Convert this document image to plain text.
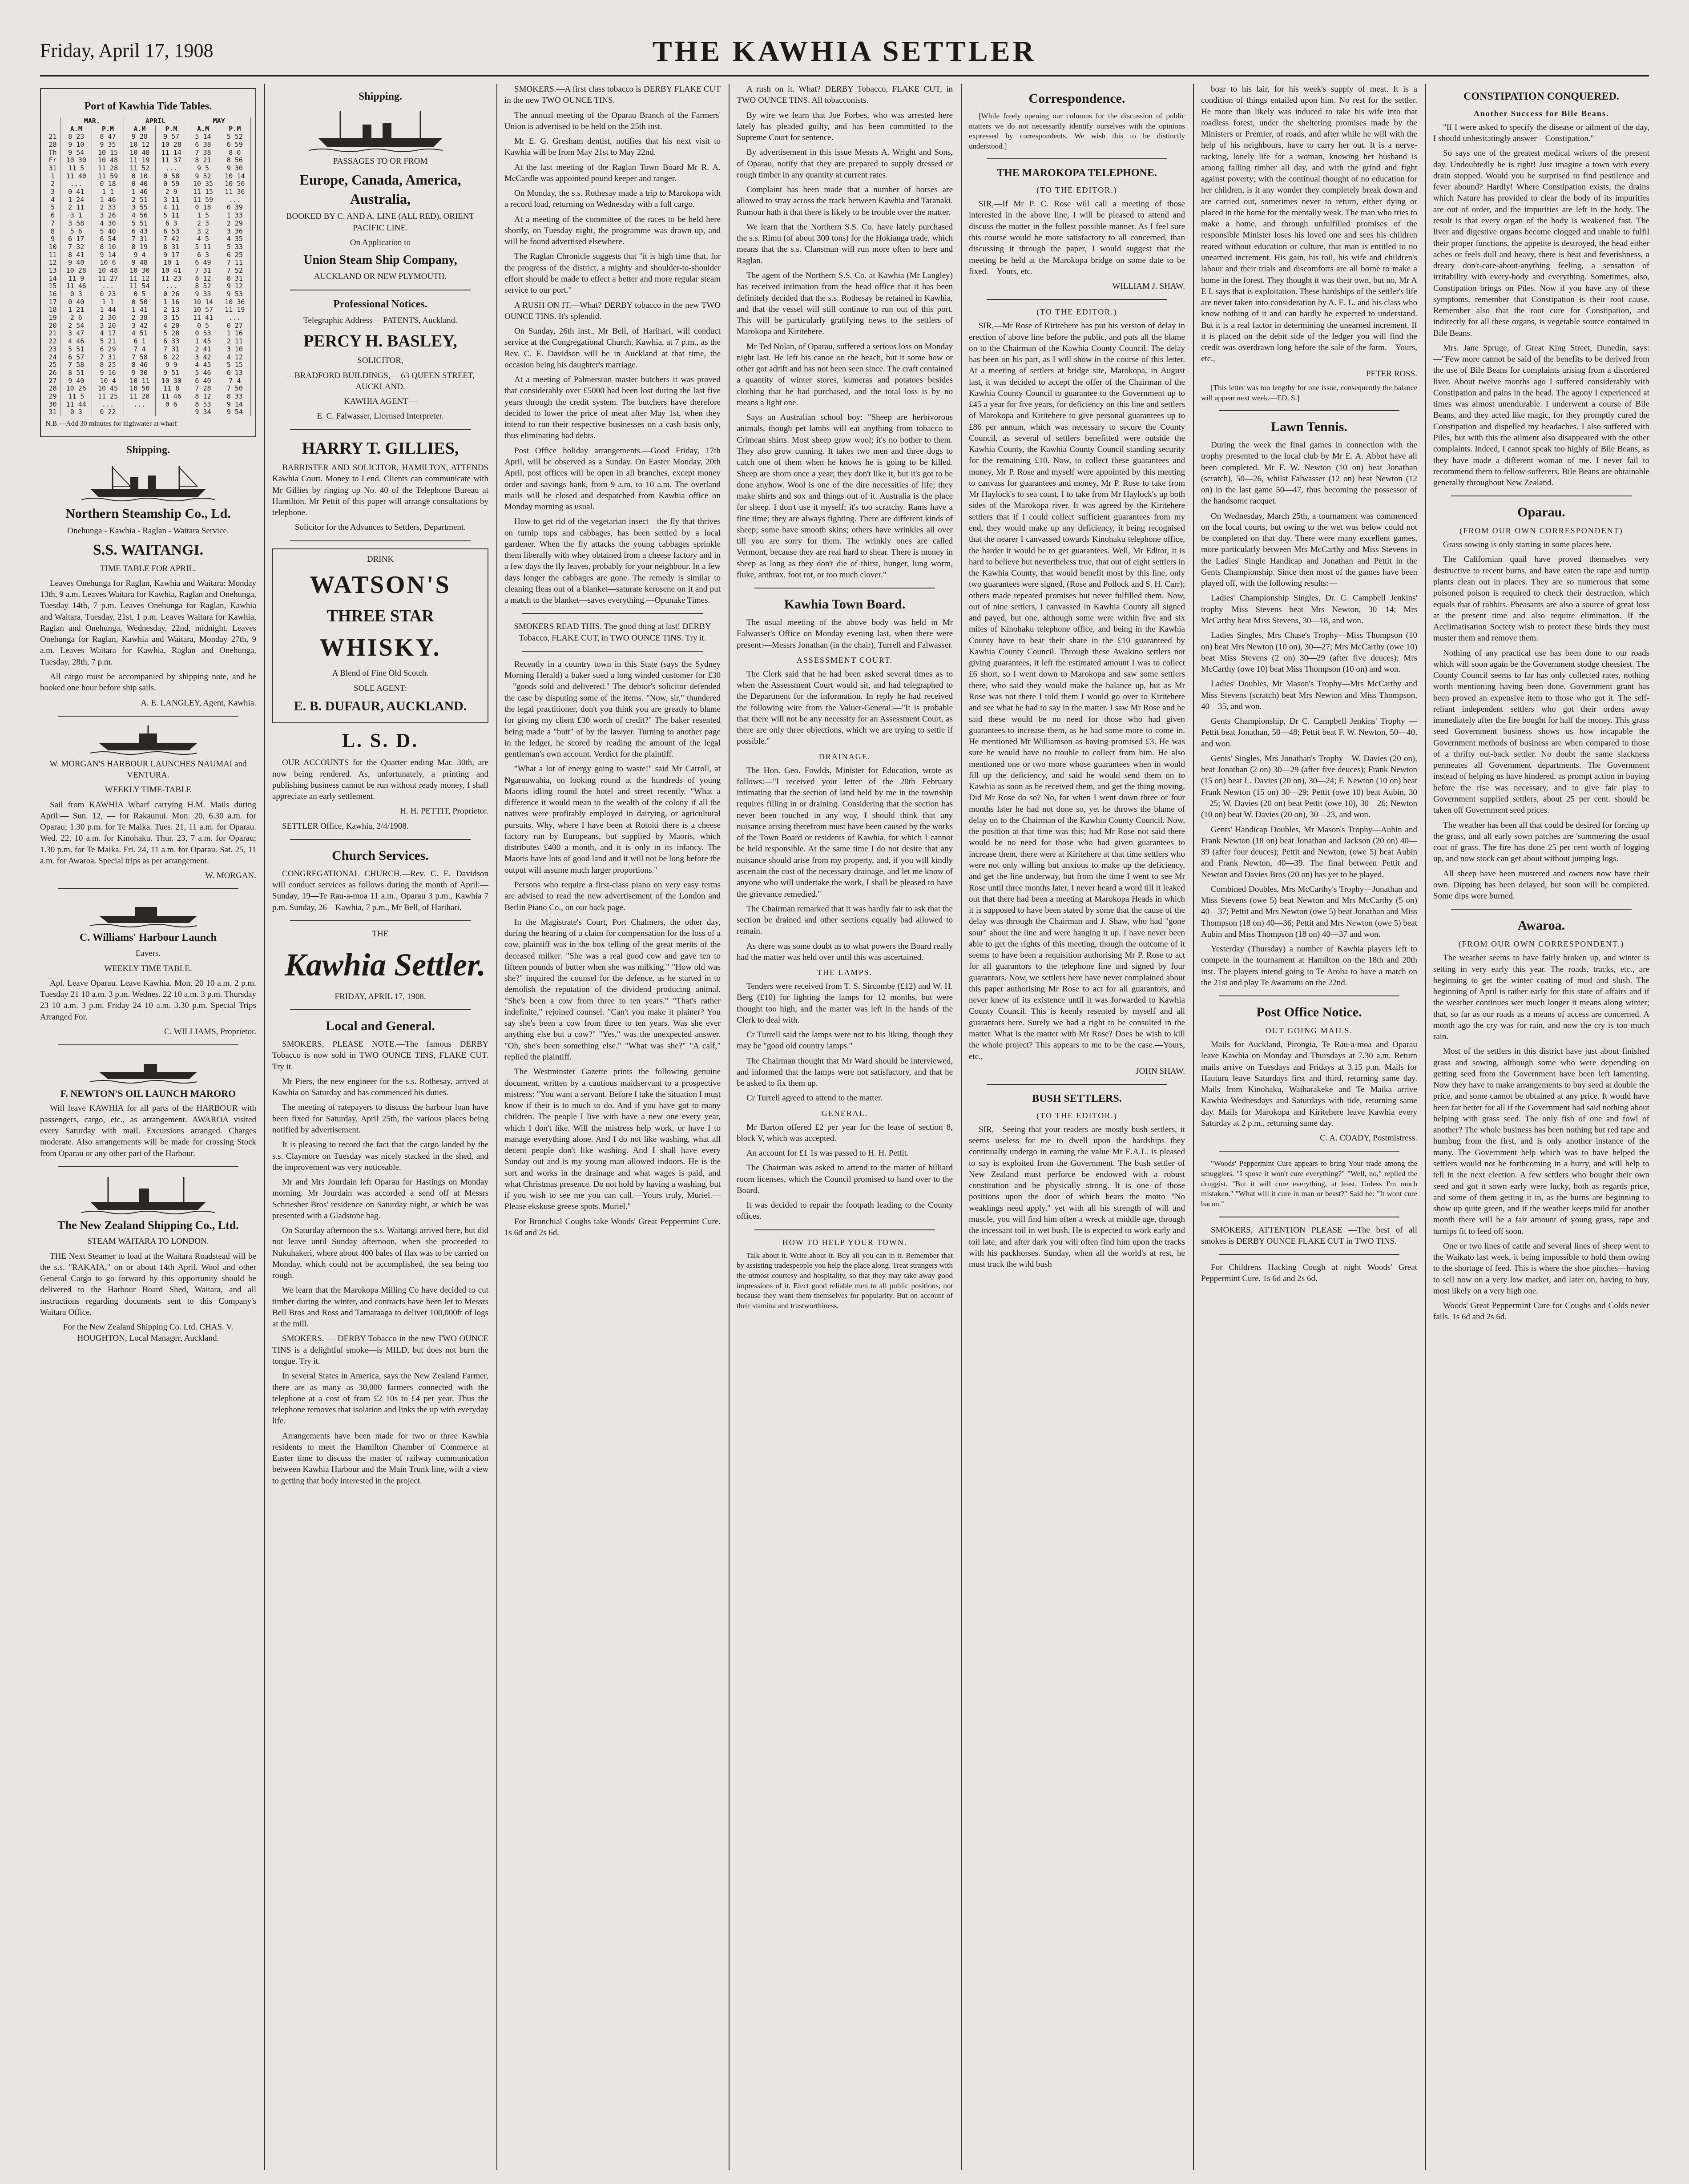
Friday, April 17, 1908	THE KAWHIA SETTLER
Port of Kawhia Tide Tables.
	MAR.		APRIL		MAY	
	A.M	P.M	A.M	P.M	A.M	P.M
21	8 23	8 47	9 28	9 57	5 14	5 52
28	9 10	9 35	10 12	10 28	6 38	6 59
Th	9 54	10 15	10 48	11 14	7 38	8 0
Fr	10 30	10 48	11 19	11 37	8 21	8 56
31	11 5	11 28	11 52	...	9 5	9 30
1	11 40	11 59	0 10	0 58	9 52	10 14
2	...	0 18	0 40	0 59	10 35	10 56
3	0 41	1 1	1 46	2 9	11 15	11 36
4	1 24	1 46	2 51	3 11	11 59	...
5	2 11	2 33	3 55	4 11	0 18	0 39
6	3 1	3 26	4 56	5 11	1 5	1 33
7	3 58	4 30	5 51	6 3	2 3	2 29
8	5 6	5 40	6 43	6 53	3 2	3 36
9	6 17	6 54	7 31	7 42	4 5	4 35
10	7 32	8 10	8 19	8 31	5 11	5 33
11	8 41	9 14	9 4	9 17	6 3	6 25
12	9 40	10 6	9 48	10 1	6 49	7 11
13	10 28	10 48	10 30	10 41	7 31	7 52
14	11 9	11 27	11 12	11 23	8 12	8 31
15	11 46	...	11 54	...	8 52	9 12
16	0 3	0 23	0 5	0 26	9 33	9 53
17	0 40	1 1	0 50	1 16	10 14	10 36
18	1 21	1 44	1 41	2 13	10 57	11 19
19	2 6	2 30	2 38	3 15	11 41	...
20	2 54	3 20	3 42	4 20	0 5	0 27
21	3 47	4 17	4 51	5 28	0 53	1 16
22	4 46	5 21	6 1	6 33	1 45	2 11
23	5 51	6 29	7 4	7 31	2 41	3 10
24	6 57	7 31	7 58	8 22	3 42	4 12
25	7 58	8 25	8 46	9 9	4 45	5 15
26	8 51	9 16	9 30	9 51	5 46	6 13
27	9 40	10 4	10 11	10 30	6 40	7 4
28	10 26	10 45	10 50	11 8	7 28	7 50
29	11 5	11 25	11 28	11 46	8 12	8 33
30	11 44	...	...	0 6	8 53	9 14
31	0 3	0 22			9 34	9 54

N.B.—Add 30 minutes for highwater at wharf

Shipping.

Northern Steamship Co., Ld.

Onehunga - Kawhia - Raglan - Waitara Service.

S.S. WAITANGI.

TIME TABLE FOR APRIL.

Leaves Onehunga for Raglan, Kawhia and Waitara: Monday 13th, 9 a.m. Leaves Waitara for Kawhia, Raglan and Onehunga, Tuesday 14th, 7 p.m. Leaves Onehunga for Raglan, Kawhia and Waitara, Tuesday, 21st, 1 p.m. Leaves Waitara for Kawhia, Raglan and Onehunga, Wednesday, 22nd, midnight. Leaves Onehunga for Raglan, Kawhia and Waitara, Monday 27th, 9 a.m. Leaves Waitara for Kawhia, Raglan and Onehunga, Tuesday, 28th, 7 p.m.

All cargo must be accompanied by shipping note, and be booked one hour before ship sails.

A. E. LANGLEY, Agent, Kawhia.

W. MORGAN'S HARBOUR LAUNCHES NAUMAI and VENTURA.

WEEKLY TIME-TABLE

Sail from KAWHIA Wharf carrying H.M. Mails during April:— Sun. 12, — for Rakaunui. Mon. 20, 6.30 a.m. for Oparau; 1.30 p.m. for Te Maika. Tues. 21, 11 a.m. for Oparau. Wed. 22, 10 a.m. for Kinohaku. Thur. 23, 7 a.m. for Oparau; 1.30 p.m. for Te Maika. Fri. 24, 11 a.m. for Oparau. Sat. 25, 11 a.m. for Awaroa. Special trips as per arrangement.

W. MORGAN.

C. Williams' Harbour Launch

Eavers.

WEEKLY TIME TABLE.

Apl. Leave Oparau. Leave Kawhia. Mon. 20 10 a.m. 2 p.m. Tuesday 21 10 a.m. 3 p.m. Wednes. 22 10 a.m. 3 p.m. Thursday 23 10 a.m. 3 p.m. Friday 24 10 a.m. 3.30 p.m. Special Trips Arranged For.

C. WILLIAMS, Proprietor.

F. NEWTON'S OIL LAUNCH MARORO

Will leave KAWHIA for all parts of the HARBOUR with passengers, cargo, etc., as arrangement. AWAROA visited every Saturday with mail. Excursions arranged. Charges moderate. Also arrangements will be made for crossing Stock from Oparau or any other part of the Harbour.

The New Zealand Shipping Co., Ltd.

STEAM WAITARA TO LONDON.

THE Next Steamer to load at the Waitara Roadstead will be the s.s. "RAKAIA," on or about 14th April. Wool and other General Cargo to go forward by this opportunity should be delivered to the Harbour Board Shed, Waitara, and all instructions regarding documents sent to this Company's Waitara Office.

For the New Zealand Shipping Co. Ltd. CHAS. V. HOUGHTON, Local Manager, Auckland.

Shipping.

PASSAGES TO OR FROM

Europe, Canada, America, Australia,

BOOKED BY C. AND A. LINE (ALL RED), ORIENT PACIFIC LINE.

On Application to

Union Steam Ship Company,

AUCKLAND OR NEW PLYMOUTH.

Professional Notices.

Telegraphic Address— PATENTS, Auckland.

PERCY H. BASLEY,

SOLICITOR,

—BRADFORD BUILDINGS,— 63 QUEEN STREET, AUCKLAND.

KAWHIA AGENT—

E. C. Falwasser, Licensed Interpreter.

HARRY T. GILLIES,

BARRISTER AND SOLICITOR, HAMILTON, ATTENDS Kawhia Court. Money to Lend. Clients can communicate with Mr Gillies by ringing up No. 40 of the Telephone Bureau at Hamilton. Mr Pettit of this paper will arrange consultations by telephone.

Solicitor for the Advances to Settlers, Department.

DRINK

WATSON'S

THREE STAR

WHISKY.

A Blend of Fine Old Scotch.

SOLE AGENT:

E. B. DUFAUR, AUCKLAND.

L. S. D.

OUR ACCOUNTS for the Quarter ending Mar. 30th, are now being rendered. As, unfortunately, a printing and publishing business cannot be run without ready money, I shall appreciate an early settlement.

H. H. PETTIT, Proprietor.

SETTLER Office, Kawhia, 2/4/1908.

Church Services.

CONGREGATIONAL CHURCH.—Rev. C. E. Davidson will conduct services as follows during the month of April:— Sunday, 19—Te Rau-a-moa 11 a.m., Oparau 3 p.m., Kawhia 7 p.m. Sunday, 26—Kawhia, 7 p.m., Mr Bell, of Harihari.

THE

Kawhia Settler.

FRIDAY, APRIL 17, 1908.

Local and General.

SMOKERS, PLEASE NOTE.—The famous DERBY Tobacco is now sold in TWO OUNCE TINS, FLAKE CUT. Try it.

Mr Piers, the new engineer for the s.s. Rothesay, arrived at Kawhia on Saturday and has commenced his duties.

The meeting of ratepayers to discuss the harbour loan have been fixed for Saturday, April 25th, the various places being notified by advertisement.

It is pleasing to record the fact that the cargo landed by the s.s. Claymore on Tuesday was nicely stacked in the shed, and the improvement was very noticeable.

Mr and Mrs Jourdain left Oparau for Hastings on Monday morning. Mr Jourdain was accorded a send off at Messrs Schriesber Bros' residence on Saturday night, at which he was presented with a Gladstone bag.

On Saturday afternoon the s.s. Waitangi arrived here, but did not leave until Sunday afternoon, when she proceeded to Nukuhakeri, where about 400 bales of flax was to be carried on Monday, which could not be accomplished, the sea being too rough.

We learn that the Marokopa Milling Co have decided to cut timber during the winter, and contracts have been let to Messrs Bell Bros and Ross and Tamaraaga to deliver 100,000ft of logs at the mill.

SMOKERS. — DERBY Tobacco in the new TWO OUNCE TINS is a delightful smoke—is MILD, but does not burn the tongue. Try it.

In several States in America, says the New Zealand Farmer, there are as many as 30,000 farmers connected with the telephone at a cost of from £2 10s to £4 per year. Thus the telephone removes that isolation and links the up with everyday life.

Arrangements have been made for two or three Kawhia residents to meet the Hamilton Chamber of Commerce at Easter time to discuss the matter of railway communication between Kawhia Harbour and the Main Trunk line, with a view to getting that body interested in the project.

SMOKERS.—A first class tobacco is DERBY FLAKE CUT in the new TWO OUNCE TINS.

The annual meeting of the Oparau Branch of the Farmers' Union is advertised to be held on the 25th inst.

Mr E. G. Gresham dentist, notifies that his next visit to Kawhia will be from May 21st to May 22nd.

At the last meeting of the Raglan Town Board Mr R. A. McCardle was appointed pound keeper and ranger.

On Monday, the s.s. Rothesay made a trip to Marokopa with a record load, returning on Wednesday with a full cargo.

At a meeting of the committee of the races to be held here shortly, on Tuesday night, the programme was drawn up, and will be found advertised elsewhere.

The Raglan Chronicle suggests that "it is high time that, for the progress of the district, a mighty and shoulder-to-shoulder effort should be made to effect a better and more regular steam service to our port."

A RUSH ON IT.—What? DERBY tobacco in the new TWO OUNCE TINS. It's splendid.

On Sunday, 26th inst., Mr Bell, of Harihari, will conduct service at the Congregational Church, Kawhia, at 7 p.m., as the Rev. C. E. Davidson will be in Auckland at that time, the occasion being his daughter's marriage.

At a meeting of Palmerston master butchers it was proved that considerably over £5000 had been lost during the last five years through the credit system. The butchers have therefore decided to lower the price of meat after May 1st, when they intend to run their respective businesses on a cash basis only, thus eliminating bad debts.

Post Office holiday arrangements.—Good Friday, 17th April, will be observed as a Sunday. On Easter Monday, 20th April, post offices will be open in all branches, except money order and savings bank, from 9 a.m. to 10 a.m. The overland mails will be closed and despatched from Kawhia office on Monday morning as usual.

How to get rid of the vegetarian insect—the fly that thrives on turnip tops and cabbages, has been settled by a local gardener. When the fly attacks the young cabbages sprinkle them liberally with whey obtained from a cheese factory and in a few days the fly leaves, probably for your neighbour. In a few days longer the cabbages are gone. The remedy is similar to cleaning fleas out of a blanket—saturate kerosene on it and put a match to the blanket—saves everything.—Opunake Times.

SMOKERS READ THIS. The good thing at last! DERBY Tobacco, FLAKE CUT, in TWO OUNCE TINS. Try it.

Recently in a country town in this State (says the Sydney Morning Herald) a baker sued a long winded customer for £30—"goods sold and delivered." The debtor's solicitor defended the case by disputing some of the items. "Now, sir," thundered the legal practitioner, don't you think you are greatly to blame for giving my client £30 worth of credit?" The baker resented being made a "butt" of by the lawyer. Turning to another page in the ledger, he scored by reading the amount of the legal gentleman's own account. Verdict for the plaintiff.

"What a lot of energy going to waste!" said Mr Carroll, at Ngaruawahia, on looking round at the hundreds of young Maoris idling round the hotel and street recently. "What a difference it would mean to the wealth of the colony if all the natives were profitably employed in dairying, or agricultural pursuits. Why, where I have been at Rotoiti there is a cheese factory run by Europeans, but supplied by Maoris, which distributes £400 a month, and it is only in its infancy. The Maoris have lots of good land and it will not be long before the output will assume much larger proportions."

Persons who require a first-class piano on very easy terms are advised to read the new advertisement of the London and Berlin Piano Co., on our back page.

In the Magistrate's Court, Port Chalmers, the other day, during the hearing of a claim for compensation for the loss of a cow, plaintiff was in the box telling of the great merits of the deceased milker. "She was a real good cow and gave ten to fifteen pounds of butter when she was milking." "How old was she?" inquired the counsel for the defence, as he started in to demolish the reputation of the dividend producing animal. "She's been a cow from three to ten years." "That's rather indefinite," rejoined counsel. "Can't you make it plainer? You say she's been a cow from three to ten years. Was she ever anything else but a cow?" "Yes," was the unexpected answer. "Oh, she's been something else." "What was she?" "A calf," replied the plaintiff.

The Westminster Gazette prints the following genuine document, written by a cautious maidservant to a prospective mistress: "You want a servant. Before I take the situation I must know if their is to much to do. And if you have got to many children. The people I live with have a new one every year, which I don't like. Will the mistress help work, or have I to manage everything alone. And I do not like washing, what all decent people don't like washing. And I shall have every Sunday out and is my young man allowed indoors. He is the sort and works in the drainage and what wages is paid, and what Christmas presence. Do not hold by having a washing, but if you wish to see me you can call.—Yours truly, Muriel.—Please ekskuse greese spots. Muriel."

For Bronchial Coughs take Woods' Great Peppermint Cure. 1s 6d and 2s 6d.

A rush on it. What? DERBY Tobacco, FLAKE CUT, in TWO OUNCE TINS. All tobacconists.

By wire we learn that Joe Forbes, who was arrested here lately has pleaded guilty, and has been committed to the Supreme Court for sentence.

By advertisement in this issue Messrs A. Wright and Sons, of Oparau, notify that they are prepared to supply dressed or rough timber in any quantity at current rates.

Complaint has been made that a number of horses are allowed to stray across the track between Kawhia and Taranaki. Rumour hath it that there is likely to be trouble over the matter.

We learn that the Northern S.S. Co. have lately purchased the s.s. Rimu (of about 300 tons) for the Hokianga trade, which means that the s.s. Clansman will run more often to here and Raglan.

The agent of the Northern S.S. Co. at Kawhia (Mr Langley) has received intimation from the head office that it has been definitely decided that the s.s. Rothesay be retained in Kawhia, and that the vessel will still continue to run out of this port. This will be particularly gratifying news to the settlers of Marokopa and Kiritehere.

Mr Ted Nolan, of Oparau, suffered a serious loss on Monday night last. He left his canoe on the beach, but it some how or other got adrift and has not been seen since. The craft contained a quantity of winter stores, kumeras and potatoes besides clothing that he had purchased, and the total loss is by no means a light one.

Says an Australian school boy: "Sheep are herbivorous animals, though pet lambs will eat anything from tobacco to Crimean shirts. Most sheep grow wool; it's no bother to them. They also grow cunning. It takes two men and three dogs to catch one of them when he knows he is going to be killed. Sheep are shorn once a year; they don't like it, but it's got to be done anyhow. Wool is one of the dire necessities of life; they make shirts and sox and things out of it. Australia is the place for sheep. I don't use it myself; it's too scratchy. Rams have a fine time; they are always fighting. There are different kinds of sheep; some have smooth skins; others have wrinkles all over till you are sorry for them. The wrinkly ones are called Vermont, because they are real hard to shear. There is money in sheep as long as they don't die of thirst, hunger, lung worm, fluke, anthrax, foot rot, or too much clover."

Kawhia Town Board.

The usual meeting of the above body was held in Mr Falwasser's Office on Monday evening last, when there were present:—Messrs Jonathan (in the chair), Turrell and Falwasser.

ASSESSMENT COURT.

The Clerk said that he had been asked several times as to when the Assessment Court would sit, and had telegraphed to the Department for the information. In reply he had received the following wire from the Valuer-General:—"It is probable that there will not be any necessity for an Assessment Court, as there are only three objections, which we are trying to settle if possible."

DRAINAGE.

The Hon. Geo. Fowlds, Minister for Education, wrote as follows:—"I received your letter of the 20th February intimating that the section of land held by me in the township requires filling in or draining. Considering that the section has never been touched in any way, I should think that any nuisance arising therefrom must have been caused by the works of the Town Board or residents of Kawhia, for which I cannot be held responsible. At the same time I do not desire that any nuisance should arise from my property, and, if you will kindly ascertain the cost of the necessary drainage, and let me know of anyone who will undertake the work, I shall be pleased to have the grievance remedied."

The Chairman remarked that it was hardly fair to ask that the section be drained and other sections equally bad allowed to remain.

As there was some doubt as to what powers the Board really had the matter was held over until this was ascertained.

THE LAMPS.

Tenders were received from T. S. Sircombe (£12) and W. H. Berg (£10) for lighting the lamps for 12 months, but were thought too high, and the matter was left in the hands of the Clerk to deal with.

Cr Turrell said the lamps were not to his liking, though they may be "good old country lamps."

The Chairman thought that Mr Ward should be interviewed, and informed that the lamps were not satisfactory, and that he be asked to fix them up.

Cr Turrell agreed to attend to the matter.

GENERAL.

Mr Barton offered £2 per year for the lease of section 8, block V, which was accepted.

An account for £1 1s was passed to H. H. Pettit.

The Chairman was asked to attend to the matter of billiard room licenses, which the Council promised to hand over to the Board.

It was decided to repair the footpath leading to the County offices.

HOW TO HELP YOUR TOWN.

Talk about it. Write about it. Buy all you can in it. Remember that by assisting tradespeople you help the place along. Treat strangers with the utmost courtesy and hospitality, so that they may take away good impressions of it. Elect good reliable men to all public positions, not because they want them themselves for popularity. But on account of their stamina and trustworthiness.

Correspondence.

[While freely opening our columns for the discussion of public matters we do not necessarily identify ourselves with the opinions expressed by correspondents. We wish this to be distinctly understood.]

THE MAROKOPA TELEPHONE.
(TO THE EDITOR.)

SIR,—If Mr P. C. Rose will call a meeting of those interested in the above line, I will be pleased to attend and discuss the matter in the fullest possible manner. As I feel sure this course would be more satisfactory to all concerned, than discussing it through the paper, I would suggest that the meeting be held at the Marokopa bridge on some date to be fixed.—Yours, etc.

WILLIAM J. SHAW.

(TO THE EDITOR.)

SIR,—Mr Rose of Kiritehere has put his version of delay in erection of above line before the public, and puts all the blame on to the Chairman of the Kawhia County Council. The delay has been on his part, as I will show in the course of this letter. At a meeting of settlers at bridge site, Marokopa, in August last, it was decided to accept the offer of the Chairman of the Kawhia County Council to guarantee to the Government up to £45 a year for five years, for deficiency on this line and settlers of Marokopa and Kiritehere to give personal guarantees up to £86 per annum, which was necessary to secure the County Council, as several of settlers benefitted were outside the Kawhia County, the Kawhia County Council standing security for the remaining £10. Now, to collect these guarantees and money, Mr P. Rose and myself were appointed by this meeting to canvass for guarantees and money, Mr P. Rose to take from Mr Haylock's to sea coast, I to take from Mr Haylock's up both sides of the Marokopa river. It was agreed by the Kiritehere settlers that if I could collect sufficient guarantees from my end, they would make up any deficiency, it being recognised that the nearer I canvassed towards Kinohaku telephone office, the harder it would be to get guarantees. Well, Mr Editor, it is hard to believe but nevertheless true, that out of eight settlers in the Kawhia County, that would benefit most by this line, only two guarantees were signed, (Rose and Pollock and S. H. Carr); others made repeated promises but never fulfilled them. Now, out of nine settlers, I canvassed in Kawhia County all signed and payed, but one, although some were within five and six miles of Kinohaku telephone office, and being in the Kawhia County have to bear their share in the £10 guaranteed by Kawhia County Council. Through these Awakino settlers not giving guarantees, it left the estimated amount I was to collect £6 short, so I went down to Marokopa and saw some settlers there, who said they would make the balance up, but as Mr Rose was not there I told them I would go over to Kiritehere and see what he had to say in the matter. I saw Mr Rose and he said these would be no need for those who had given guarantees to increase them, as he had some more to come in. He mentioned Mr Williamson as having promised £3. He was sure he would have no trouble to collect from him. He also mentioned one or two more whose guarantees when in would fill up the deficiency, and said he would send them on to Kawhia as soon as he received them, and get the thing moving. Did Mr Rose do so? No, for when I went down three or four months later he had not done so, yet he throws the blame of delay on to the Chairman of the Kawhia County Council. Now, the position at that time was this; had Mr Rose not said there would be no need for those who had given guarantees to increase them, there were at Kiritehere at that time settlers who were not only willing but anxious to make up the deficiency, and get the line underway, but from the time I went to see Mr Rose until three months later, I never heard a word till it leaked out that there had been a meeting at Marokopa Heads in which it is supposed to have been stated by some that the cause of the delay was through the Chairman and J. Shaw, who had "gone sour" about the line and were hanging it up. I have never been able to get the rights of this meeting, though the outcome of it seems to have been a requisition authorising Mr P. Rose to act for all guarantors to the telephone line and signed by four guarantors. Now, we settlers here have never complained about this paper authorising Mr Rose to act for all guarantors, and never knew of its existence until it was forwarded to Kawhia County Council. This is keenly resented by myself and all guarantors here. Surely we had a right to be consulted in the matter. What is the matter with Mr Rose? Does he wish to kill the whole project? This appears to me to be the case.—Yours, etc.,

JOHN SHAW.

BUSH SETTLERS.
(TO THE EDITOR.)

SIR,—Seeing that your readers are mostly bush settlers, it seems useless for me to dwell upon the hardships they continually undergo in earning the value Mr E.A.L. is pleased to say is exploited from the Government. The bush settler of New Zealand must perforce be endowed with a robust constitution and be physically strong. It is one of those positions upon the door of which bears the motto "No weaklings need apply," yet with all his strength of will and muscle, you will find him often a wreck at middle age, through the incessant toil in wet bush. He is expected to work early and toil late, and after dark you will often find him upon the tracks with his packhorses. Sunday, when all the world's at rest, he must track the wild bush

boar to his lair, for his week's supply of meat. It is a condition of things entailed upon him. No rest for the settler. He more than likely was induced to take his wife into that roadless forest, under the sheltering promises made by the Ministers or Premier, of roads, and after while he will with the help of his neighbours, have to carry her out. It is a nerve-racking, lonely life for a woman, knowing her husband is among falling timber all day, and with the grind and fight against poverty; with the continual thought of no education for her children, is it any wonder they completely break down and are carried out, sometimes never to return, either dying or placed in the home for the mentally weak. The man who tries to make a home, and through unfulfilled promises of the responsible Minister loses his loved one and sees his children reared without education or culture, that man is entitled to no unearned increment. His gain, his toil, his wife and children's labour and their trials and discomforts are all borne to make a home in the forest. They thought it was their own, but no, Mr A E L says that is exploitation. These hardships of the settler's life are never taken into consideration by A. E. L. and his class who know nothing of it and can hardly be expected to understand. But it is a real factor in determining the unearned increment. If it is placed on the debit side of the ledger you will find the credit was overdrawn long before the sale of the farm.—Yours, etc.,

PETER ROSS.

[This letter was too lengthy for one issue, consequently the balance will appear next week.—ED. S.]

Lawn Tennis.

During the week the final games in connection with the trophy presented to the local club by Mr E. A. Abbot have all been completed. Mr F. W. Newton (10 on) beat Jonathan (scratch), 50—26, whilst Falwasser (12 on) beat Newton (12 on) in the last game 50—47, thus becoming the possessor of the handsome racquet.

On Wednesday, March 25th, a tournament was commenced on the local courts, but owing to the wet was below could not be completed on that day. There were many excellent games, more particularly between Mrs McCarthy and Miss Stevens in the Ladies' Single Handicap and Jonathan and Pettit in the Gents Championship. Since then most of the games have been played off, with the following results:—

Ladies' Championship Singles, Dr. C. Campbell Jenkins' trophy—Miss Stevens beat Mrs Newton, 30—14; Mrs McCarthy beat Miss Stevens, 30—18, and won.

Ladies Singles, Mrs Chase's Trophy—Miss Thompson (10 on) beat Mrs Newton (10 on), 30—27; Mrs McCarthy (owe 10) beat Miss Stevens (2 on) 30—29 (after five deuces); Mrs McCarthy (owe 10) beat Miss Thompson (10 on) and won.

Ladies' Doubles, Mr Mason's Trophy—Mrs McCarthy and Miss Stevens (scratch) beat Mrs Newton and Miss Thompson, 40—35, and won.

Gents Championship, Dr C. Campbell Jenkins' Trophy — Pettit beat Jonathan, 50—48; Pettit beat F. W. Newton, 50—40, and won.

Gents' Singles, Mrs Jonathan's Trophy—W. Davies (20 on), beat Jonathan (2 on) 30—29 (after five deuces); Frank Newton (15 on) beat L. Davies (20 on), 30—24; F. Newton (10 on) beat Frank Newton (15 on) 30—29; Pettit (owe 10) beat Aubin, 30—25; W. Davies (20 on) beat Pettit (owe 10), 30—26; Newton (10 on) beat W. Davies (20 on), 30—23, and won.

Gents' Handicap Doubles, Mr Mason's Trophy—Aubin and Frank Newton (18 on) beat Jonathan and Jackson (20 on) 40—39 (after four deuces); Pettit and Newton, (owe 5) beat Aubin and Frank Newton, 40—39. The final between Pettit and Newton and Davies Bros (20 on) has yet to be played.

Combined Doubles, Mrs McCarthy's Trophy—Jonathan and Miss Stevens (owe 5) beat Newton and Mrs McCarthy (5 on) 40—37; Pettit and Mrs Newton (owe 5) beat Jonathan and Miss Thompson (18 on) 40—36; Pettit and Mrs Newton (owe 5) beat Aubin and Miss Thompson (18 on) 40—37 and won.

Yesterday (Thursday) a number of Kawhia players left to compete in the tournament at Hamilton on the 18th and 20th inst. The players intend going to Te Aroha to have a match on the 21st and play Te Awamutu on the 22nd.

Post Office Notice.
OUT GOING MAILS.

Mails for Auckland, Pirongia, Te Rau-a-moa and Oparau leave Kawhia on Monday and Thursdays at 7.30 a.m. Return mails arrive on Tuesdays and Fridays at 3.15 p.m. Mails for Hauturu leave Saturdays first and third, returning same day. Mails from Kinohaku, Waiharakeke and Te Maika arrive Kawhia Wednesdays and Saturdays with tide, returning same day. Mails for Marokopa and Kiritehere leave Kawhia every Saturday at 2 p.m., returning same day.

C. A. COADY, Postmistress.

"Woods' Peppermint Cure appears to bring Your trade among the smugglers. "I spose it won't cure everything?" "Well, no," replied the druggist. "But it will cure everything, at least, Unless I'm much mistaken." "What will it cure in man or beast?" Said he: "It wont cure bacon."

SMOKERS, ATTENTION PLEASE —The best of all smokes is DERBY OUNCE FLAKE CUT in TWO TINS.

For Childrens Hacking Cough at night Woods' Great Peppermint Cure. 1s 6d and 2s 6d.

CONSTIPATION CONQUERED.
Another Success for Bile Beans.

"If I were asked to specify the disease or ailment of the day, I should unhesitatingly answer—Constipation."

So says one of the greatest medical writers of the present day. Undoubtedly he is right! Just imagine a town with every drain stopped. Would you be surprised to find pestilence and fever abound? Hardly! Where Constipation exists, the drains which Nature has provided to clear the body of its impurities are out of order, and the impurities are left in the body. The result is that every organ of the body is weakened fast. The liver and digestive organs become clogged and unable to fulfil their proper functions, the appetite is destroyed, the head either aches or feels dull and heavy, there is heat and feverishness, a dreary don't-care-about-anything feeling, a sensation of irritability with every-body and everything. Sometimes, also, Constipation brings on Piles. Now if you have any of these symptoms, remember that Constipation is their root cause. Remember also that the root cure for Constipation, and indirectly for all these organs, is vegetable source contained in Bile Beans.

Mrs. Jane Spruge, of Great King Street, Dunedin, says:—"Few more cannot be said of the benefits to be derived from the use of Bile Beans for complaints arising from a disordered liver. About twelve months ago I suffered considerably with Constipation and pains in the head. The agony I experienced at times was almost unendurable. I underwent a course of Bile Beans, and they acted like magic, for they promptly cured the Constipation and dispelled my headaches. I also suffered with Piles, but with this the ailment also disappeared with the other complaints. Indeed, I cannot speak too highly of Bile Beans, as they have made a different woman of me. I never fail to recommend them to fellow-sufferers. Bile Beans are obtainable generally throughout New Zealand.

Oparau.
(FROM OUR OWN CORRESPONDENT)

Grass sowing is only starting in some places here.

The Californian quail have proved themselves very destructive to recent burns, and have eaten the rape and turnip plants clean out in places. They are so numerous that some poisoned poison is required to check their destruction, which equals that of rabbits. Pheasants are also a source of great loss at the present time and also require elimination. If the Acclimatisation Society wish to protect these birds they must muster them and remove them.

Nothing of any practical use has been done to our roads which will soon again be the Government stodge cheesiest. The County Council seems to far has only collected rates, nothing worth mentioning having been done. Government grant has been proved an expensive item to those who got it. The self-reliant independent settlers who got their orders away immediately after the fire bought for half the money. This grass seed Government business shows us how incapable the Government methods of business are when compared to those of a thrifty out-back settler. No doubt the same slackness permeates all Government departments. The Government instead of helping us have hindered, as prompt action in buying before the rise was necessary, and to give fair play to Government supplied settlers, about 25 per cent. should be taken off Government seed prices.

The weather has been all that could be desired for forcing up the grass, and all early sown patches are 'summering the usual coat of grass. The fire has done 25 per cent worth of logging up, and now stock can get about without jumping logs.

All sheep have been mustered and owners now have their own. Dipping has been delayed, but soon will be completed. Some dips were burned.

Awaroa.
(FROM OUR OWN CORRESPONDENT.)

The weather seems to have fairly broken up, and winter is setting in very early this year. The roads, tracks, etc., are beginning to get the winter coating of mud and slush. The beginning of April is rather early for this state of affairs and if the weather continues wet much longer it means along winter; that, so far as our roads as a means of access are concerned. A month ago the cry was for rain, and now the cry is too much rain.

Most of the settlers in this district have just about finished grass and sowing, although some who were depending on getting seed from the Government have been left lamenting. Now they have to make arrangements to buy seed at double the price, and some cannot be obtained at any price. It would have been far better for all if the Government had said nothing about helping with grass seed. The only fish of one and fowl of another? The whole business has been nothing but red tape and humbug from the first, and is only another instance of the many. The Government help which was to have helped the settlers would not be forthcoming in a hurry, and will help to tell in the next election. A few settlers who bought their own seed and got it sown early were lucky, both as regards price, and some of them getting it in, as the burns are beginning to show up quite green, and if the weather keeps mild for another month there will be a fair amount of young grass, rape and turnips fit to feed off soon.

One or two lines of cattle and several lines of sheep went to the Waikato last week, it being impossible to hold them owing to the shortage of feed. This is where the shoe pinches—having to sell now on a very low market, and later on, having to buy, most likely on a very high one.

Woods' Great Peppermint Cure for Coughs and Colds never fails. 1s 6d and 2s 6d.
